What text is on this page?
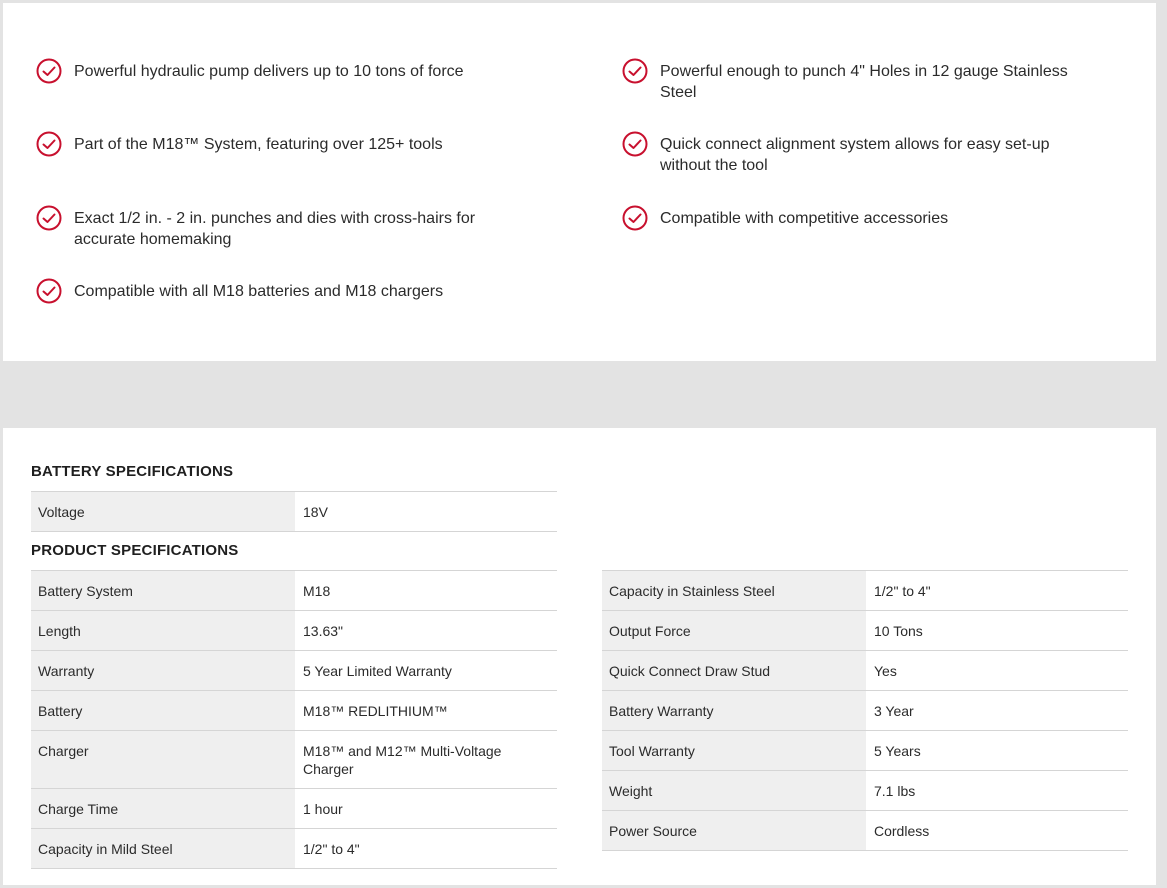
Powerful hydraulic pump delivers up to 10 tons of force
Part of the M18™ System, featuring over 125+ tools
Exact 1/2 in. - 2 in. punches and dies with cross-hairs for accurate homemaking
Compatible with all M18 batteries and M18 chargers
Powerful enough to punch 4" Holes in 12 gauge Stainless Steel
Quick connect alignment system allows for easy set-up without the tool
Compatible with competitive accessories
BATTERY SPECIFICATIONS
Voltage	18V
PRODUCT SPECIFICATIONS
Battery System	M18
Length	13.63"
Warranty	5 Year Limited Warranty
Battery	M18™ REDLITHIUM™
Charger	M18™ and M12™ Multi-Voltage Charger
Charge Time	1 hour
Capacity in Mild Steel	1/2" to 4"
Capacity in Stainless Steel	1/2" to 4"
Output Force	10 Tons
Quick Connect Draw Stud	Yes
Battery Warranty	3 Year
Tool Warranty	5 Years
Weight	7.1 lbs
Power Source	Cordless
